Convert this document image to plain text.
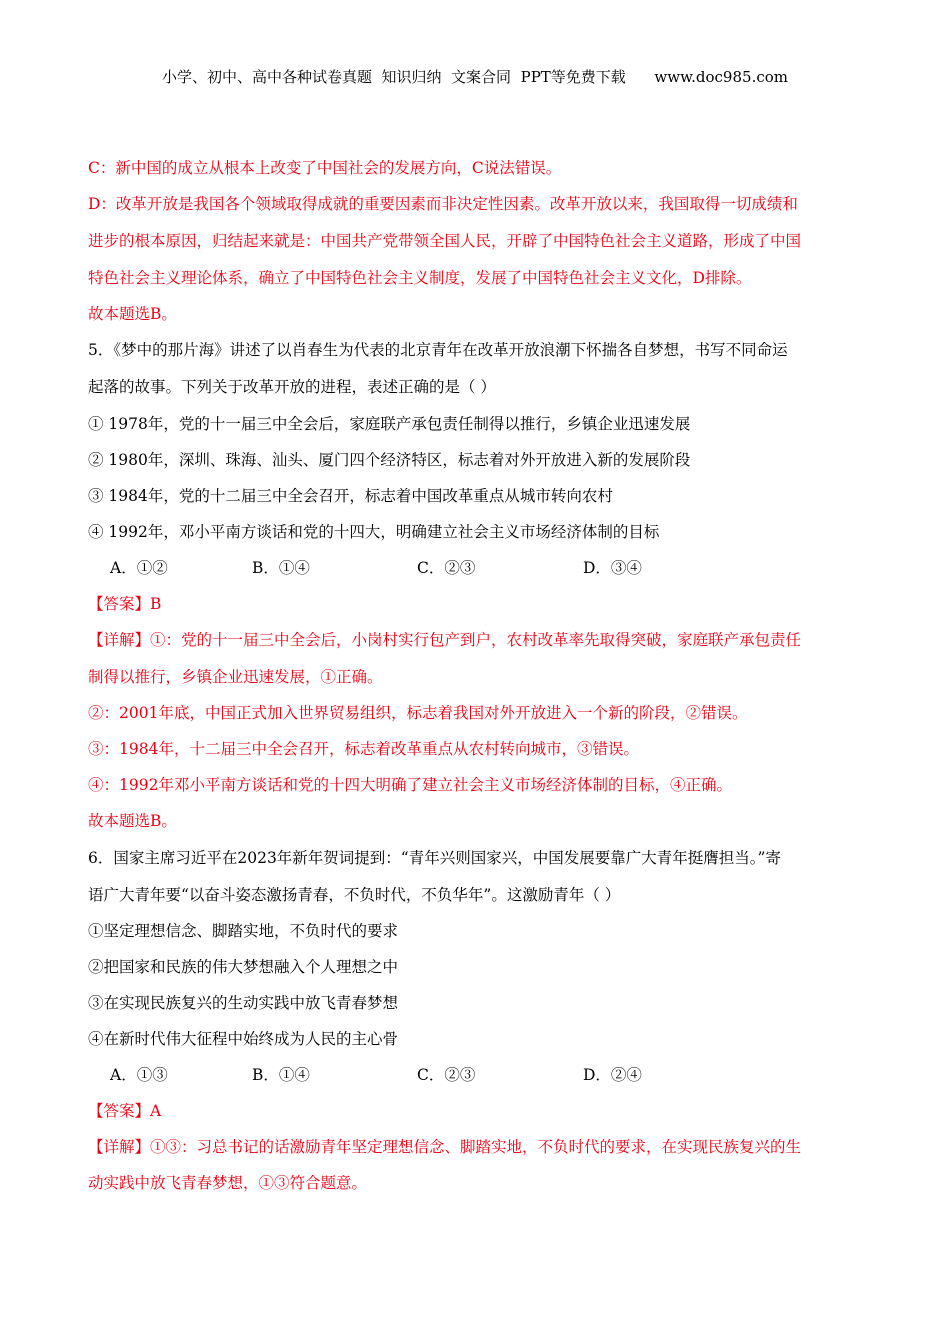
小学、初中、高中各种试卷真题  知识归纳  文案合同  PPT等免费下载      www.doc985.com
C：新中国的成立从根本上改变了中国社会的发展方向，C说法错误。
D：改革开放是我国各个领域取得成就的重要因素而非决定性因素。改革开放以来，我国取得一切成绩和
进步的根本原因，归结起来就是：中国共产党带领全国人民，开辟了中国特色社会主义道路，形成了中国
特色社会主义理论体系，确立了中国特色社会主义制度，发展了中国特色社会主义文化，D排除。
故本题选B。
5．《梦中的那片海》讲述了以肖春生为代表的北京青年在改革开放浪潮下怀揣各自梦想，书写不同命运
起落的故事。下列关于改革开放的进程，表述正确的是（ ）
① 1978年，党的十一届三中全会后，家庭联产承包责任制得以推行，乡镇企业迅速发展
② 1980年，深圳、珠海、汕头、厦门四个经济特区，标志着对外开放进入新的发展阶段
③ 1984年，党的十二届三中全会召开，标志着中国改革重点从城市转向农村
④ 1992年，邓小平南方谈话和党的十四大，明确建立社会主义市场经济体制的目标
A．①②	B．①④	C．②③	D．③④
【答案】B
【详解】①：党的十一届三中全会后，小岗村实行包产到户，农村改革率先取得突破，家庭联产承包责任
制得以推行，乡镇企业迅速发展，①正确。
②：2001年底，中国正式加入世界贸易组织，标志着我国对外开放进入一个新的阶段，②错误。
③：1984年，十二届三中全会召开，标志着改革重点从农村转向城市，③错误。
④：1992年邓小平南方谈话和党的十四大明确了建立社会主义市场经济体制的目标，④正确。
故本题选B。
6．国家主席习近平在2023年新年贺词提到：“青年兴则国家兴，中国发展要靠广大青年挺膺担当。”寄
语广大青年要“以奋斗姿态激扬青春，不负时代，不负华年”。这激励青年（ ）
①坚定理想信念、脚踏实地，不负时代的要求
②把国家和民族的伟大梦想融入个人理想之中
③在实现民族复兴的生动实践中放飞青春梦想
④在新时代伟大征程中始终成为人民的主心骨
A．①③	B．①④	C．②③	D．②④
【答案】A
【详解】①③：习总书记的话激励青年坚定理想信念、脚踏实地，不负时代的要求，在实现民族复兴的生
动实践中放飞青春梦想，①③符合题意。
